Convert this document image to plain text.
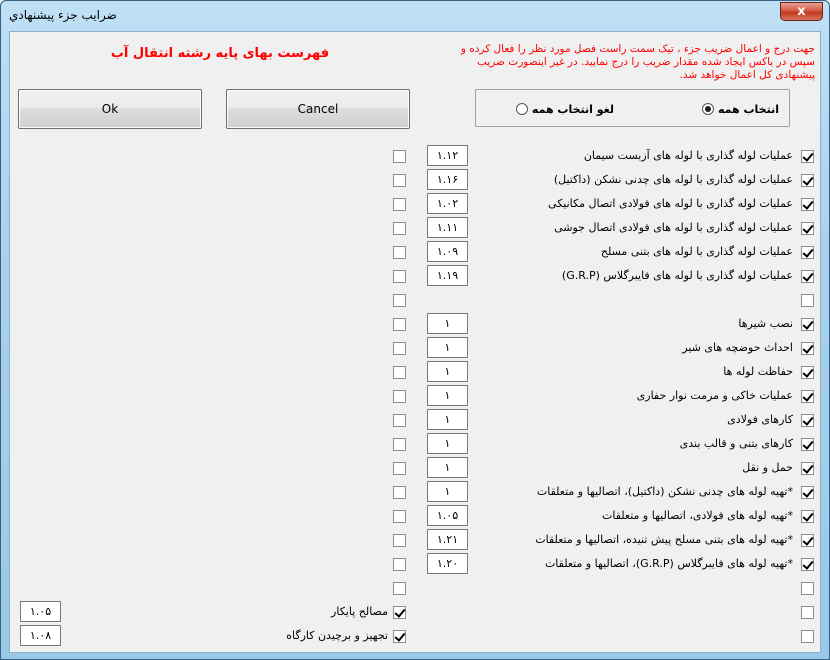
ضرايب جزء پيشنهادي	x
جهت درج و اعمال ضریب جزء ، تیک سمت راست فصل مورد نظر را فعال کرده و سپس در باکس ایجاد شده مقدار ضریب را درج نمایید. در غیر اینصورت ضریب پیشنهادی کل اعمال خواهد شد.
فهرست بهای پایه رشته انتقال آب
Ok	Cancel	انتخاب همه
لغو انتخاب همه
عملیات لوله گذاری با لوله های آزبست سیمان
۱.۱۲
عملیات لوله گذاری با لوله های چدنی نشکن (داکتیل)
۱.۱۶
عملیات لوله گذاری با لوله های فولادی اتصال مکانیکی
۱.۰۲
عملیات لوله گذاری با لوله های فولادی اتصال جوشی
۱.۱۱
عملیات لوله گذاری با لوله های بتنی مسلح
۱.۰۹
عملیات لوله گذاری با لوله های فایبرگلاس (G.R.P)
۱.۱۹
نصب شیرها
۱
احداث حوضچه های شیر
۱
حفاظت لوله ها
۱
عملیات خاکی و مرمت نوار حفاری
۱
کارهای فولادی
۱
کارهای بتنی و قالب بندی
۱
حمل و نقل
۱
*تهیه لوله های چدنی نشکن (داکتیل)، اتصالیها و متعلقات
۱
*تهیه لوله های فولادی، اتصالیها و متعلقات
۱.۰۵
*تهیه لوله های بتنی مسلح پیش تنیده، اتصالیها و متعلقات
۱.۲۱
*تهیه لوله های فایبرگلاس (G.R.P)، اتصالیها و متعلقات
۱.۲۰
مصالح پایکار
۱.۰۵
تجهیز و برچیدن کارگاه
۱.۰۸
